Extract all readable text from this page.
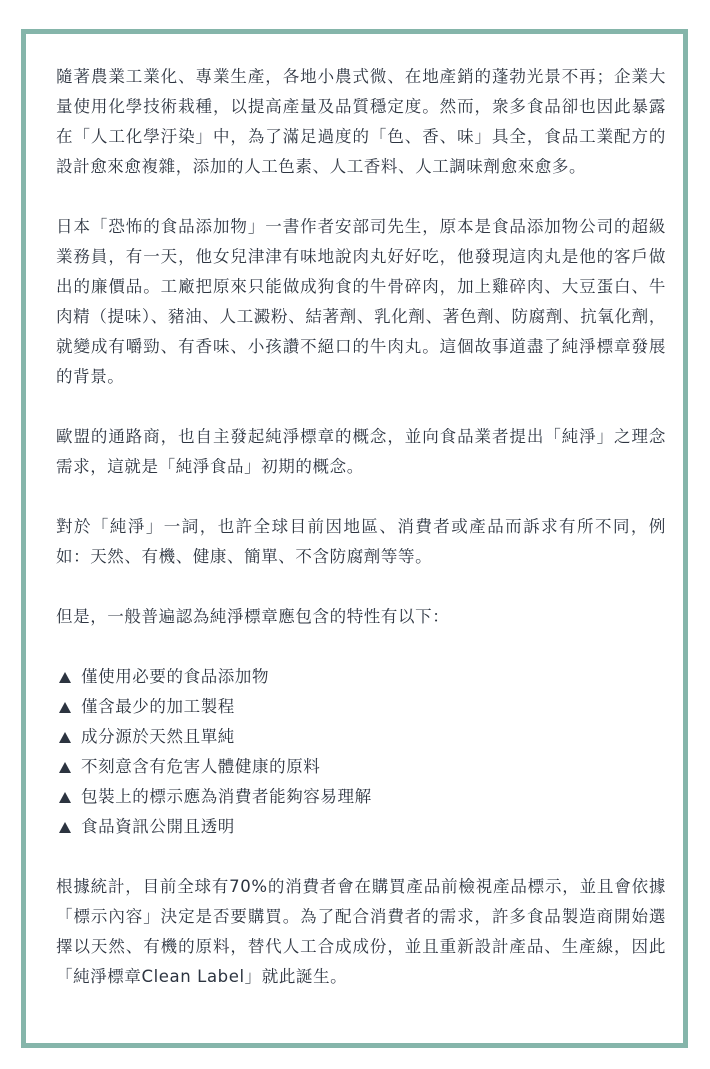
隨著農業工業化、專業生產，各地小農式微、在地產銷的蓬勃光景不再；企業大量使用化學技術栽種，以提高產量及品質穩定度。然而，衆多食品卻也因此暴露在「人工化學汙染」中，為了滿足過度的「色、香、味」具全，食品工業配方的設計愈來愈複雜，添加的人工色素、人工香料、人工調味劑愈來愈多。

日本「恐怖的食品添加物」一書作者安部司先生，原本是食品添加物公司的超級業務員，有一天，他女兒津津有味地說肉丸好好吃，他發現這肉丸是他的客戶做出的廉價品。工廠把原來只能做成狗食的牛骨碎肉，加上雞碎肉、大豆蛋白、牛肉精（提味）、豬油、人工澱粉、結著劑、乳化劑、著色劑、防腐劑、抗氧化劑，就變成有嚼勁、有香味、小孩讚不絕口的牛肉丸。這個故事道盡了純淨標章發展的背景。

歐盟的通路商，也自主發起純淨標章的概念，並向食品業者提出「純淨」之理念需求，這就是「純淨食品」初期的概念。

對於「純淨」一詞，也許全球目前因地區、消費者或產品而訴求有所不同，例如：天然、有機、健康、簡單、不含防腐劑等等。

但是，一般普遍認為純淨標章應包含的特性有以下：

僅使用必要的食品添加物
僅含最少的加工製程
成分源於天然且單純
不刻意含有危害人體健康的原料
包裝上的標示應為消費者能夠容易理解
食品資訊公開且透明

根據統計，目前全球有70%的消費者會在購買產品前檢視產品標示，並且會依據「標示內容」決定是否要購買。為了配合消費者的需求，許多食品製造商開始選擇以天然、有機的原料，替代人工合成成份，並且重新設計產品、生產線，因此「純淨標章Clean Label」就此誕生。
